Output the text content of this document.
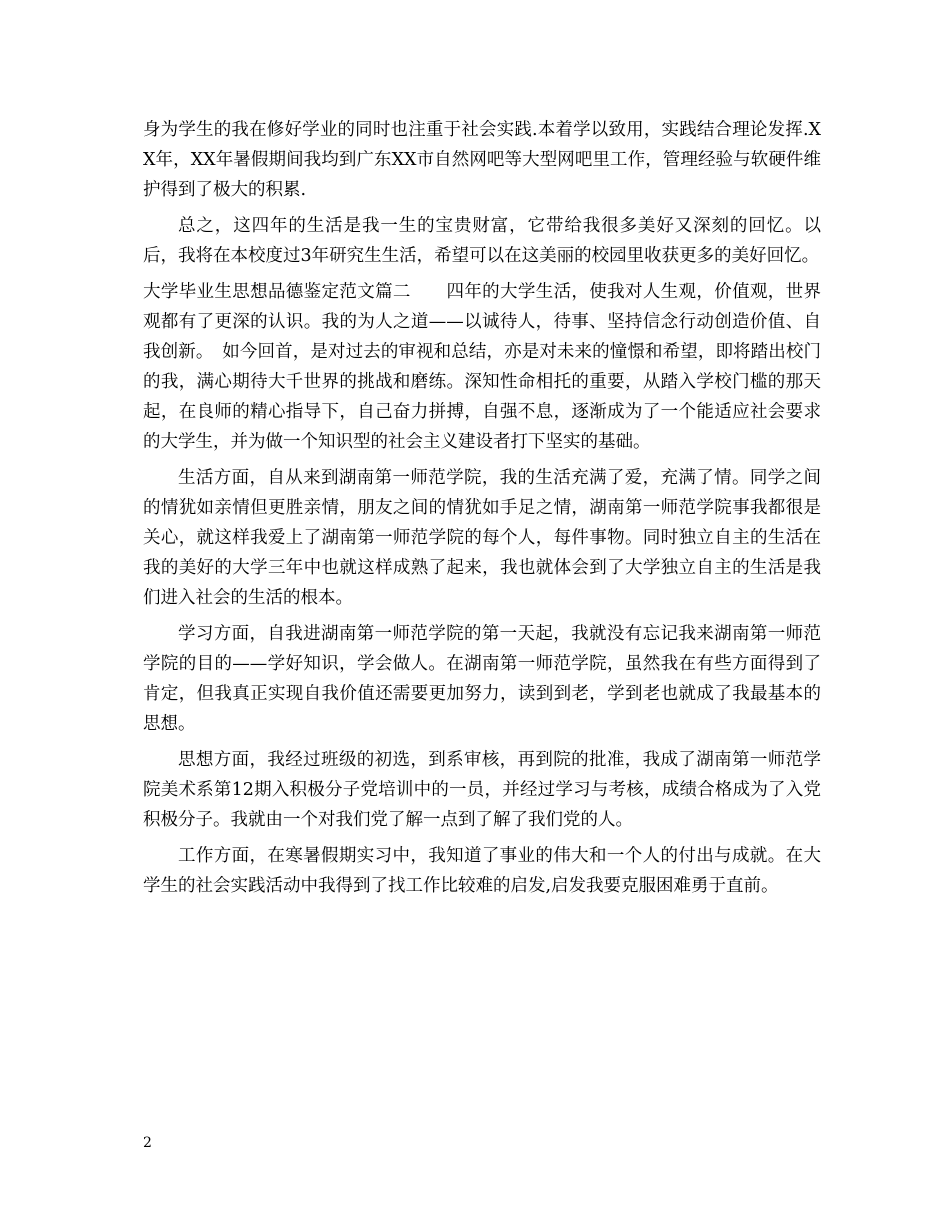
身为学生的我在修好学业的同时也注重于社会实践.本着学以致用，实践结合理论发挥.XX年，XX年暑假期间我均到广东XX市自然网吧等大型网吧里工作，管理经验与软硬件维护得到了极大的积累.

总之，这四年的生活是我一生的宝贵财富，它带给我很多美好又深刻的回忆。以后，我将在本校度过3年研究生生活，希望可以在这美丽的校园里收获更多的美好回忆。

大学毕业生思想品德鉴定范文篇二　　四年的大学生活，使我对人生观，价值观，世界观都有了更深的认识。我的为人之道——以诚待人，待事、坚持信念行动创造价值、自我创新。　如今回首，是对过去的审视和总结，亦是对未来的憧憬和希望，即将踏出校门的我，满心期待大千世界的挑战和磨练。深知性命相托的重要，从踏入学校门槛的那天起，在良师的精心指导下，自己奋力拼搏，自强不息，逐渐成为了一个能适应社会要求的大学生，并为做一个知识型的社会主义建设者打下坚实的基础。

生活方面，自从来到湖南第一师范学院，我的生活充满了爱，充满了情。同学之间的情犹如亲情但更胜亲情，朋友之间的情犹如手足之情，湖南第一师范学院事我都很是关心，就这样我爱上了湖南第一师范学院的每个人，每件事物。同时独立自主的生活在我的美好的大学三年中也就这样成熟了起来，我也就体会到了大学独立自主的生活是我们进入社会的生活的根本。

学习方面，自我进湖南第一师范学院的第一天起，我就没有忘记我来湖南第一师范学院的目的——学好知识，学会做人。在湖南第一师范学院，虽然我在有些方面得到了肯定，但我真正实现自我价值还需要更加努力，读到到老，学到老也就成了我最基本的思想。

思想方面，我经过班级的初选，到系审核，再到院的批准，我成了湖南第一师范学院美术系第12期入积极分子党培训中的一员，并经过学习与考核，成绩合格成为了入党积极分子。我就由一个对我们党了解一点到了解了我们党的人。

工作方面，在寒暑假期实习中，我知道了事业的伟大和一个人的付出与成就。在大学生的社会实践活动中我得到了找工作比较难的启发,启发我要克服困难勇于直前。

2
